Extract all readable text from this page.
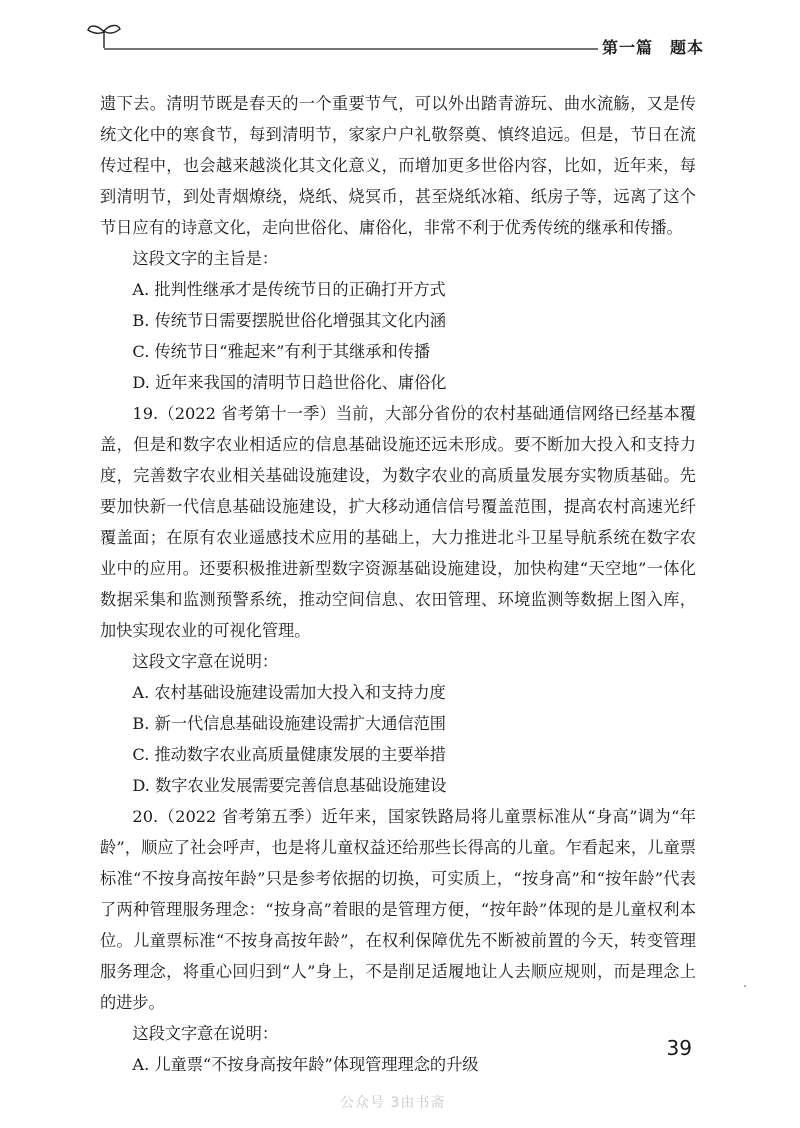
第一篇　题本

遗下去。清明节既是春天的一个重要节气，可以外出踏青游玩、曲水流觞，又是传统文化中的寒食节，每到清明节，家家户户礼敬祭奠、慎终追远。但是，节日在流传过程中，也会越来越淡化其文化意义，而增加更多世俗内容，比如，近年来，每到清明节，到处青烟燎绕，烧纸、烧冥币，甚至烧纸冰箱、纸房子等，远离了这个节日应有的诗意文化，走向世俗化、庸俗化，非常不利于优秀传统的继承和传播。

这段文字的主旨是：

A. 批判性继承才是传统节日的正确打开方式

B. 传统节日需要摆脱世俗化增强其文化内涵

C. 传统节日“雅起来”有利于其继承和传播

D. 近年来我国的清明节日趋世俗化、庸俗化

19.（2022 省考第十一季）当前，大部分省份的农村基础通信网络已经基本覆盖，但是和数字农业相适应的信息基础设施还远未形成。要不断加大投入和支持力度，完善数字农业相关基础设施建设，为数字农业的高质量发展夯实物质基础。先要加快新一代信息基础设施建设，扩大移动通信信号覆盖范围，提高农村高速光纤覆盖面；在原有农业遥感技术应用的基础上，大力推进北斗卫星导航系统在数字农业中的应用。还要积极推进新型数字资源基础设施建设，加快构建“天空地”一体化数据采集和监测预警系统，推动空间信息、农田管理、环境监测等数据上图入库，加快实现农业的可视化管理。

这段文字意在说明：

A. 农村基础设施建设需加大投入和支持力度

B. 新一代信息基础设施建设需扩大通信范围

C. 推动数字农业高质量健康发展的主要举措

D. 数字农业发展需要完善信息基础设施建设

20.（2022 省考第五季）近年来，国家铁路局将儿童票标准从“身高”调为“年龄”，顺应了社会呼声，也是将儿童权益还给那些长得高的儿童。乍看起来，儿童票标准“不按身高按年龄”只是参考依据的切换，可实质上，“按身高”和“按年龄”代表了两种管理服务理念：“按身高”着眼的是管理方便，“按年龄”体现的是儿童权利本位。儿童票标准“不按身高按年龄”，在权利保障优先不断被前置的今天，转变管理服务理念，将重心回归到“人”身上，不是削足适履地让人去顺应规则，而是理念上的进步。

这段文字意在说明：

A. 儿童票“不按身高按年龄”体现管理理念的升级

39
公众号 3由书斋
